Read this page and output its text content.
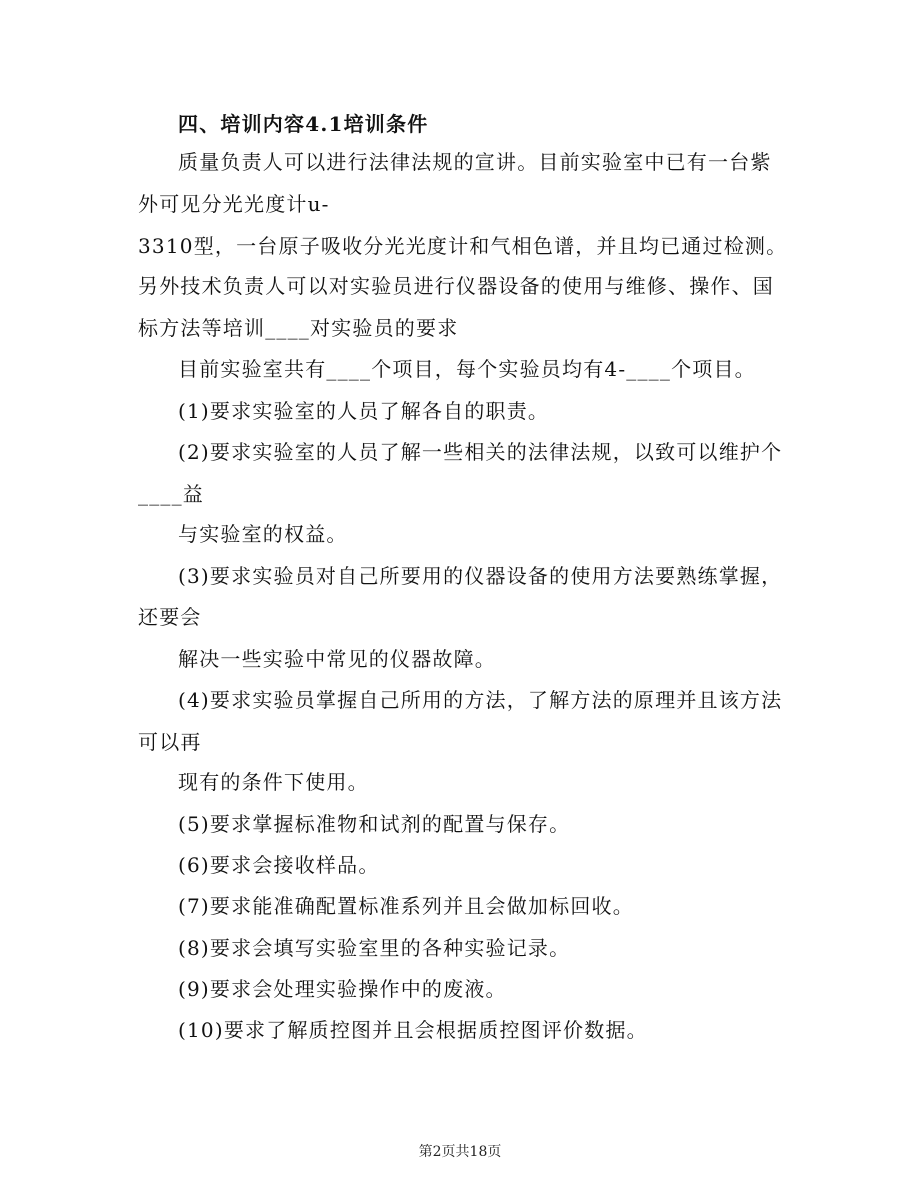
四、培训内容4.1培训条件
质量负责人可以进行法律法规的宣讲。目前实验室中已有一台紫
外可见分光光度计u-
3310型，一台原子吸收分光光度计和气相色谱，并且均已通过检测。
另外技术负责人可以对实验员进行仪器设备的使用与维修、操作、国
标方法等培训____对实验员的要求
目前实验室共有____个项目，每个实验员均有4-____个项目。
(1)要求实验室的人员了解各自的职责。
(2)要求实验室的人员了解一些相关的法律法规，以致可以维护个
____益
与实验室的权益。
(3)要求实验员对自己所要用的仪器设备的使用方法要熟练掌握，
还要会
解决一些实验中常见的仪器故障。
(4)要求实验员掌握自己所用的方法，了解方法的原理并且该方法
可以再
现有的条件下使用。
(5)要求掌握标准物和试剂的配置与保存。
(6)要求会接收样品。
(7)要求能准确配置标准系列并且会做加标回收。
(8)要求会填写实验室里的各种实验记录。
(9)要求会处理实验操作中的废液。
(10)要求了解质控图并且会根据质控图评价数据。
第2页共18页
